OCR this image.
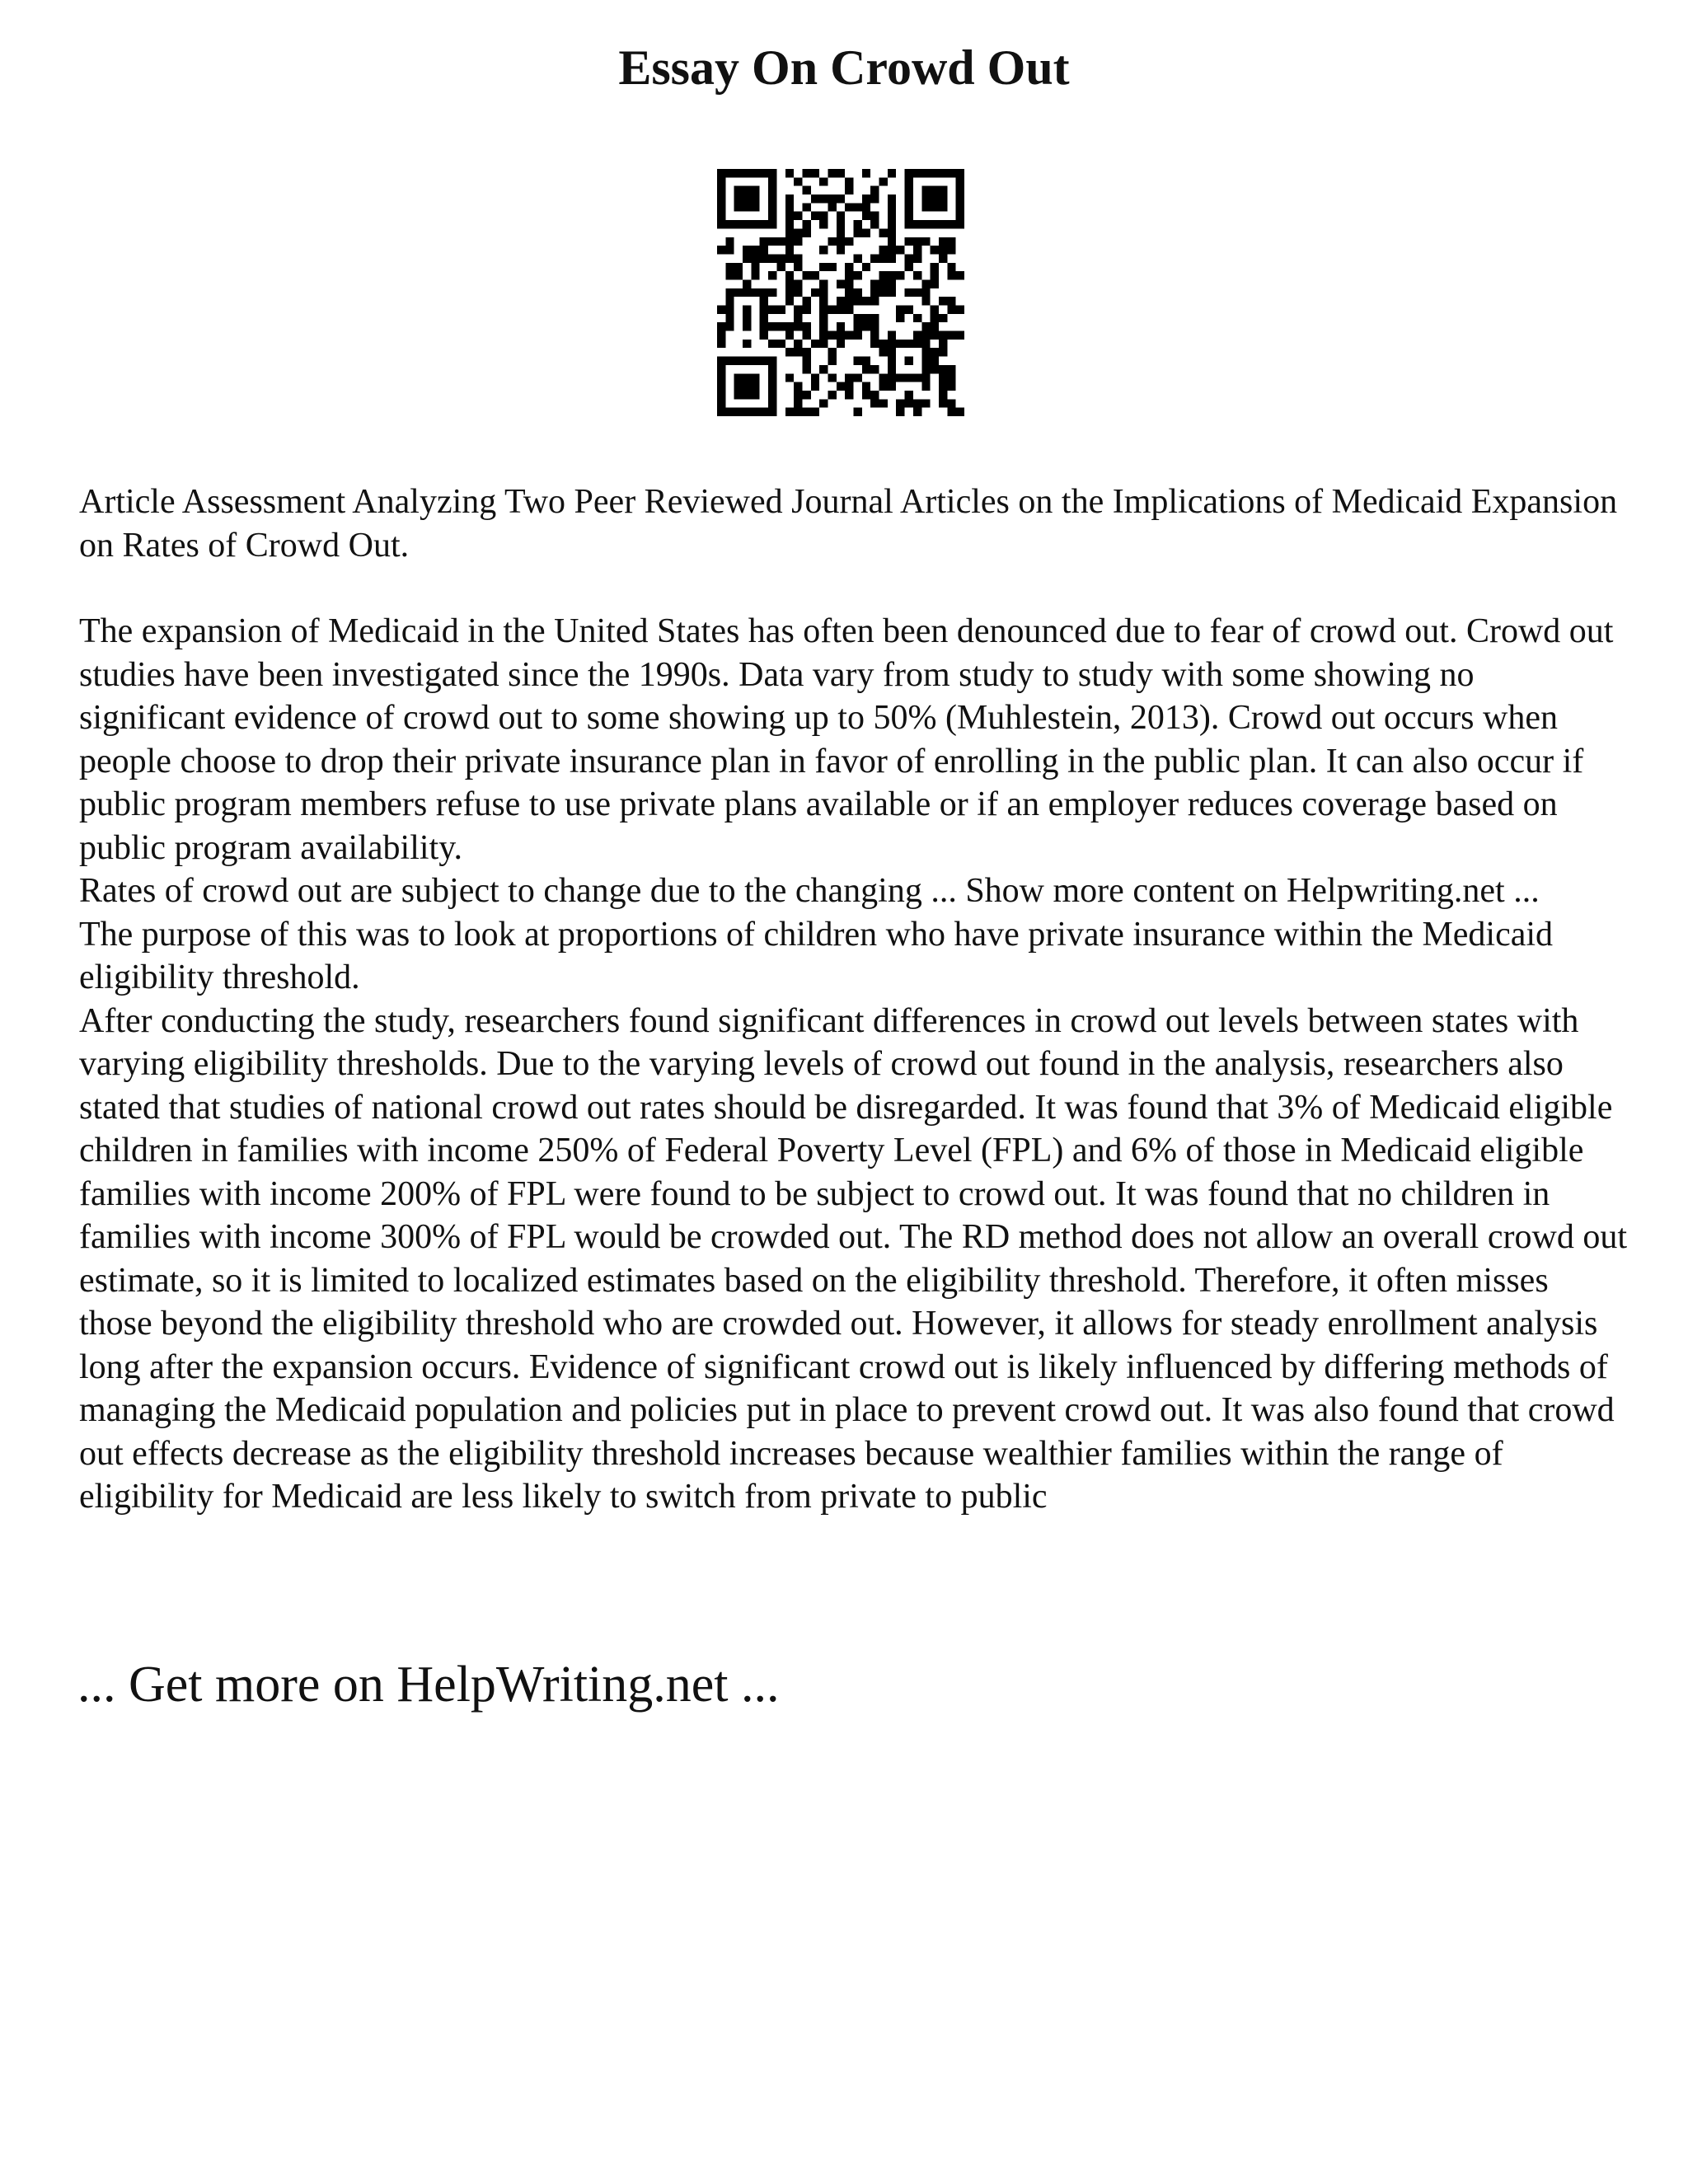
Essay On Crowd Out

Article Assessment Analyzing Two Peer Reviewed Journal Articles on the Implications of Medicaid Expansion on Rates of Crowd Out.

The expansion of Medicaid in the United States has often been denounced due to fear of crowd out. Crowd out studies have been investigated since the 1990s. Data vary from study to study with some showing no significant evidence of crowd out to some showing up to 50% (Muhlestein, 2013). Crowd out occurs when people choose to drop their private insurance plan in favor of enrolling in the public plan. It can also occur if public program members refuse to use private plans available or if an employer reduces coverage based on public program availability.

Rates of crowd out are subject to change due to the changing ... Show more content on Helpwriting.net ...

The purpose of this was to look at proportions of children who have private insurance within the Medicaid eligibility threshold.

After conducting the study, researchers found significant differences in crowd out levels between states with varying eligibility thresholds. Due to the varying levels of crowd out found in the analysis, researchers also stated that studies of national crowd out rates should be disregarded. It was found that 3% of Medicaid eligible children in families with income 250% of Federal Poverty Level (FPL) and 6% of those in Medicaid eligible families with income 200% of FPL were found to be subject to crowd out. It was found that no children in families with income 300% of FPL would be crowded out. The RD method does not allow an overall crowd out estimate, so it is limited to localized estimates based on the eligibility threshold. Therefore, it often misses those beyond the eligibility threshold who are crowded out. However, it allows for steady enrollment analysis long after the expansion occurs. Evidence of significant crowd out is likely influenced by differing methods of managing the Medicaid population and policies put in place to prevent crowd out. It was also found that crowd out effects decrease as the eligibility threshold increases because wealthier families within the range of eligibility for Medicaid are less likely to switch from private to public

... Get more on HelpWriting.net ...
